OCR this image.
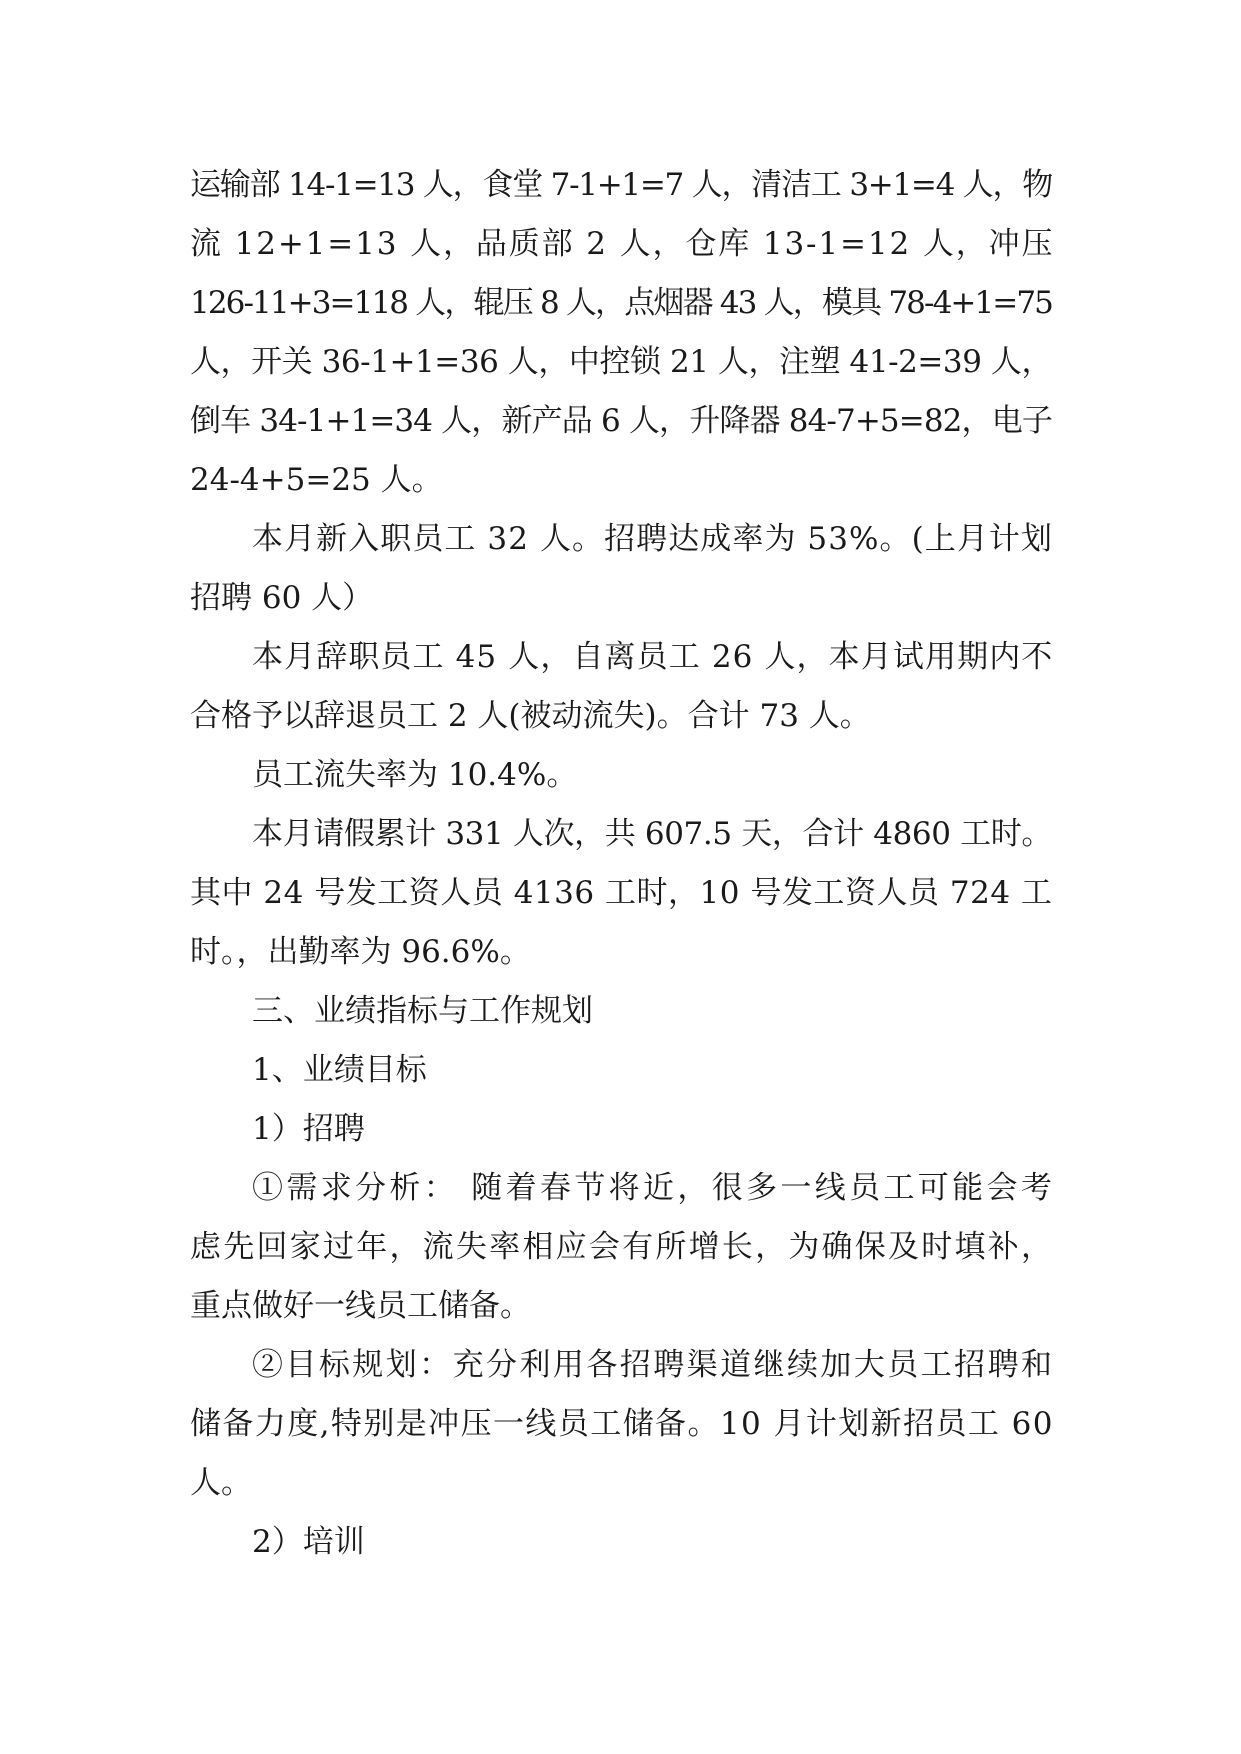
运输部 14-1=13 人，食堂 7-1+1=7 人，清洁工 3+1=4 人，物
流 12+1=13 人，品质部 2 人，仓库 13-1=12 人，冲压
126-11+3=118 人，辊压 8 人，点烟器 43 人，模具 78-4+1=75
人，开关 36-1+1=36 人，中控锁 21 人，注塑 41-2=39 人，
倒车 34-1+1=34 人，新产品 6 人，升降器 84-7+5=82，电子
24-4+5=25 人。

本月新入职员工 32 人。招聘达成率为 53%。(上月计划
招聘 60 人）

本月辞职员工 45 人，自离员工 26 人，本月试用期内不
合格予以辞退员工 2 人(被动流失)。合计 73 人。

员工流失率为 10.4%。

本月请假累计 331 人次，共 607.5 天，合计 4860 工时。
其中 24 号发工资人员 4136 工时，10 号发工资人员 724 工
时。，出勤率为 96.6%。

三、业绩指标与工作规划

1、业绩目标

1）招聘

①需求分析： 随着春节将近，很多一线员工可能会考
虑先回家过年，流失率相应会有所增长，为确保及时填补，
重点做好一线员工储备。

②目标规划：充分利用各招聘渠道继续加大员工招聘和
储备力度,特别是冲压一线员工储备。10 月计划新招员工 60
人。

2）培训
